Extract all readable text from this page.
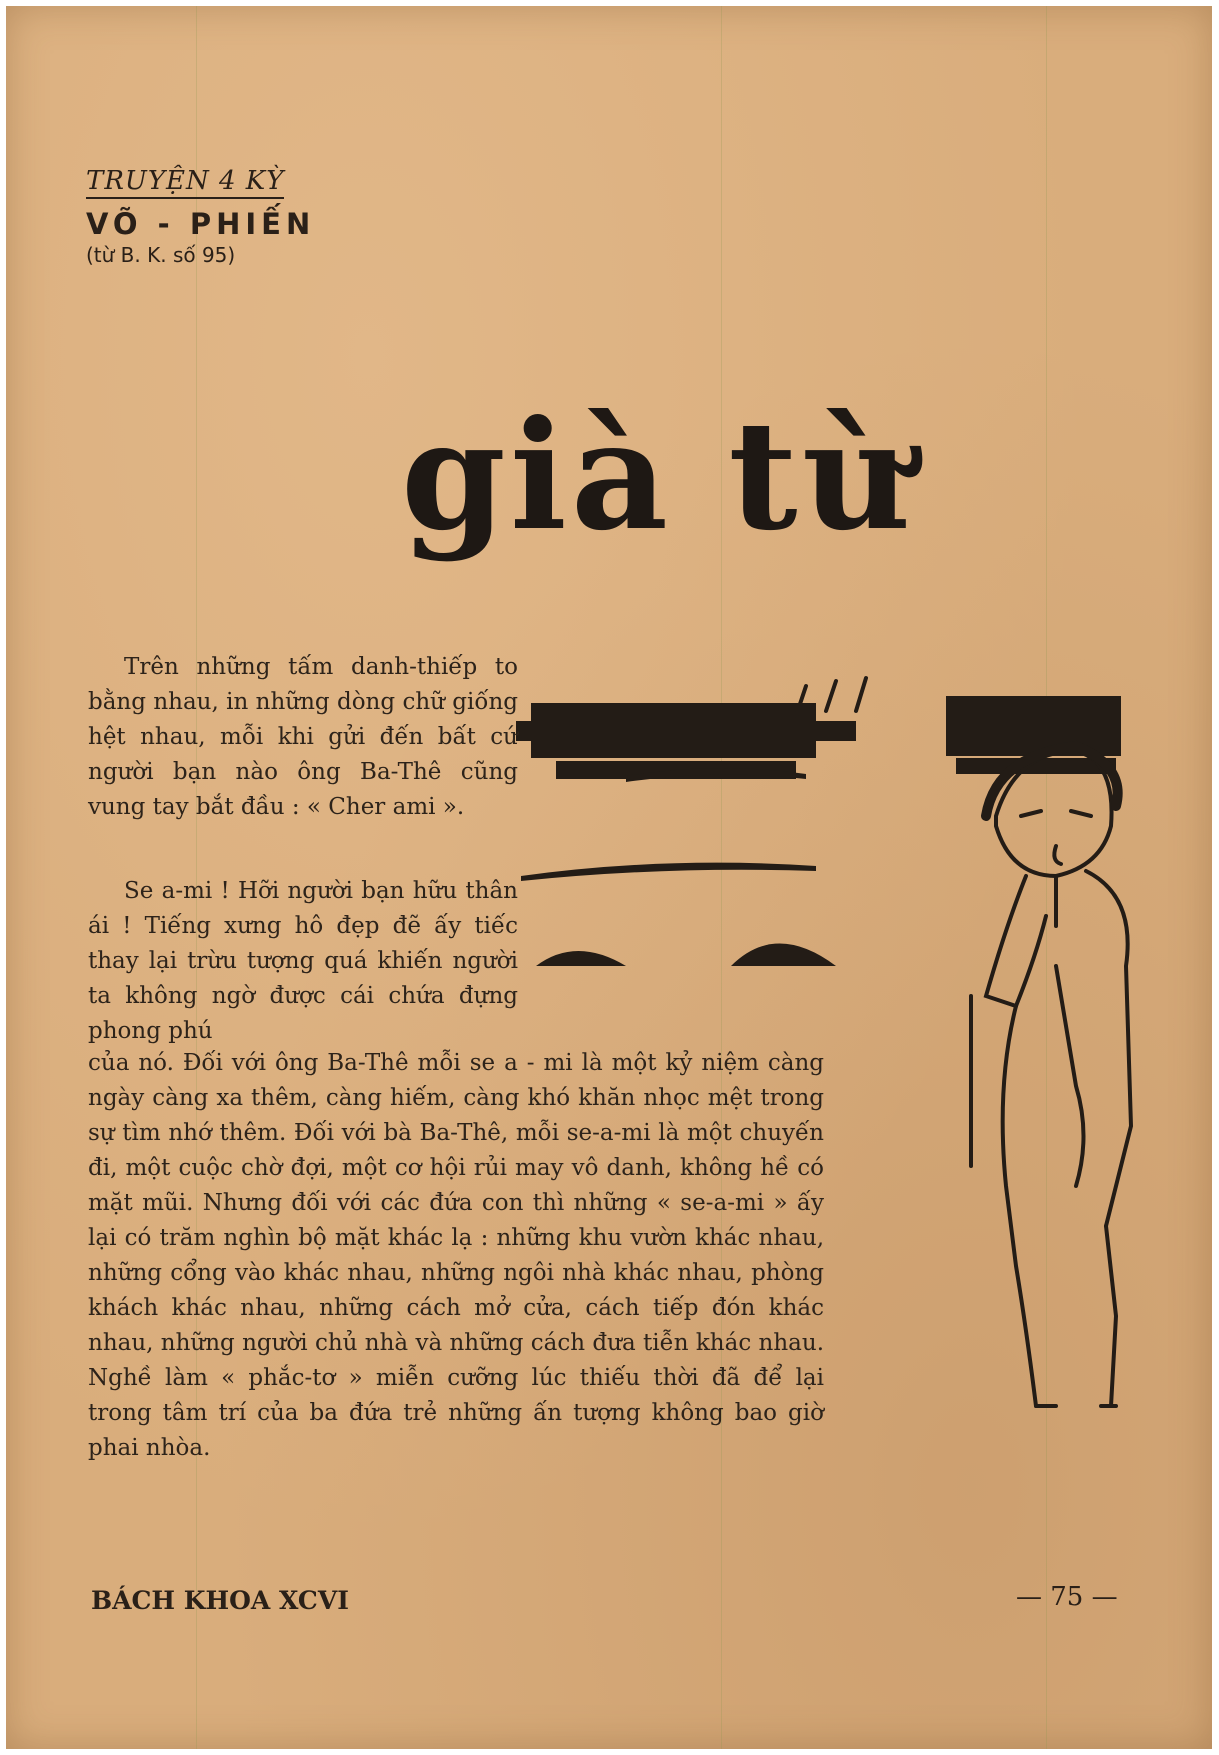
TRUYỆN 4 KỲ
VÕ - PHIẾN
(từ B. K. số 95)
già từ
Trên những tấm danh-thiếp to bằng nhau, in những dòng chữ giống hệt nhau, mỗi khi gửi đến bất cứ người bạn nào ông Ba-Thê cũng vung tay bắt đầu : « Cher ami ».
Se a-mi ! Hỡi người bạn hữu thân ái ! Tiếng xưng hô đẹp đẽ ấy tiếc thay lại trừu tượng quá khiến người ta không ngờ được cái chứa đựng phong phú
của nó. Đối với ông Ba-Thê mỗi se a - mi là một kỷ niệm càng ngày càng xa thêm, càng hiếm, càng khó khăn nhọc mệt trong sự tìm nhớ thêm. Đối với bà Ba-Thê, mỗi se-a-mi là một chuyến đi, một cuộc chờ đợi, một cơ hội rủi may vô danh, không hề có mặt mũi. Nhưng đối với các đứa con thì những « se-a-mi » ấy lại có trăm nghìn bộ mặt khác lạ : những khu vườn khác nhau, những cổng vào khác nhau, những ngôi nhà khác nhau, phòng khách khác nhau, những cách mở cửa, cách tiếp đón khác nhau, những người chủ nhà và những cách đưa tiễn khác nhau. Nghề làm « phắc-tơ » miễn cưỡng lúc thiếu thời đã để lại trong tâm trí của ba đứa trẻ những ấn tượng không bao giờ phai nhòa.
BÁCH KHOA XCVI	— 75 —
